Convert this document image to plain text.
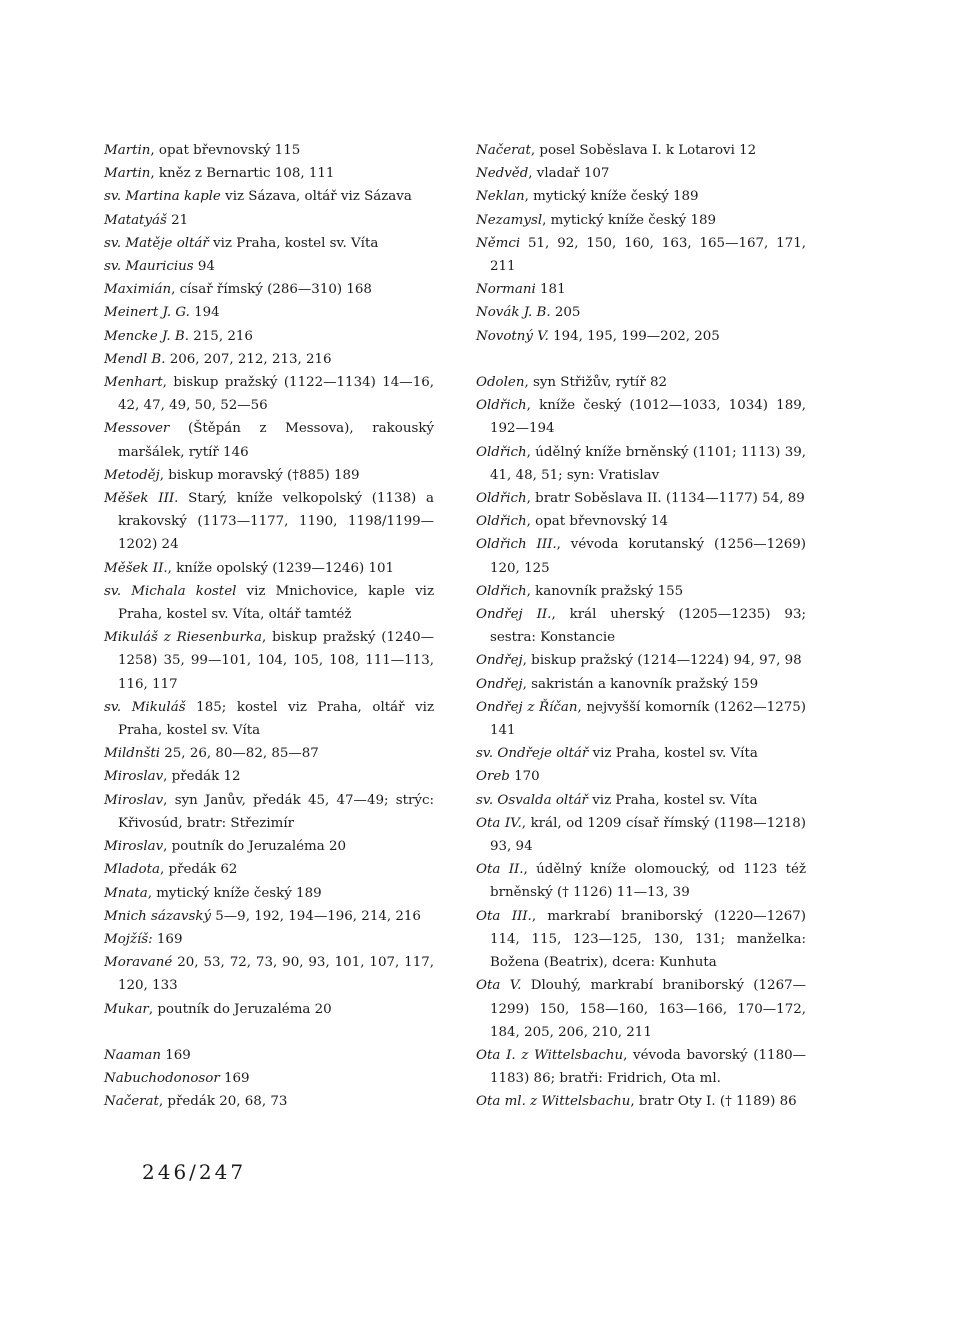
Martin, opat břevnovský 115
Martin, kněz z Bernartic 108, 111
sv. Martina kaple viz Sázava, oltář viz Sázava
Matatyáš 21
sv. Matěje oltář viz Praha, kostel sv. Víta
sv. Mauricius 94
Maximián, císař římský (286—310) 168
Meinert J. G. 194
Mencke J. B. 215, 216
Mendl B. 206, 207, 212, 213, 216
Menhart, biskup pražský (1122—1134) 14—16, 42, 47, 49, 50, 52—56
Messover (Štěpán z Messova), rakouský maršálek, rytíř 146
Metoděj, biskup moravský (†885) 189
Měšek III. Starý, kníže velkopolský (1138) a krakovský (1173—1177, 1190, 1198/1199—1202) 24
Měšek II., kníže opolský (1239—1246) 101
sv. Michala kostel viz Mnichovice, kaple viz Praha, kostel sv. Víta, oltář tamtéž
Mikuláš z Riesenburka, biskup pražský (1240—1258) 35, 99—101, 104, 105, 108, 111—113, 116, 117
sv. Mikuláš 185; kostel viz Praha, oltář viz Praha, kostel sv. Víta
Mildnšti 25, 26, 80—82, 85—87
Miroslav, předák 12
Miroslav, syn Janův, předák 45, 47—49; strýc: Křivosúd, bratr: Střezimír
Miroslav, poutník do Jeruzaléma 20
Mladota, předák 62
Mnata, mytický kníže český 189
Mnich sázavský 5—9, 192, 194—196, 214, 216
Mojžíš: 169
Moravané 20, 53, 72, 73, 90, 93, 101, 107, 117, 120, 133
Mukar, poutník do Jeruzaléma 20
Naaman 169
Nabuchodonosor 169
Načerat, předák 20, 68, 73
Načerat, posel Soběslava I. k Lotarovi 12
Nedvěd, vladař 107
Neklan, mytický kníže český 189
Nezamysl, mytický kníže český 189
Němci 51, 92, 150, 160, 163, 165—167, 171, 211
Normani 181
Novák J. B. 205
Novotný V. 194, 195, 199—202, 205
Odolen, syn Střižův, rytíř 82
Oldřich, kníže český (1012—1033, 1034) 189, 192—194
Oldřich, údělný kníže brněnský (1101; 1113) 39, 41, 48, 51; syn: Vratislav
Oldřich, bratr Soběslava II. (1134—1177) 54, 89
Oldřich, opat břevnovský 14
Oldřich III., vévoda korutanský (1256—1269) 120, 125
Oldřich, kanovník pražský 155
Ondřej II., král uherský (1205—1235) 93; sestra: Konstancie
Ondřej, biskup pražský (1214—1224) 94, 97, 98
Ondřej, sakristán a kanovník pražský 159
Ondřej z Říčan, nejvyšší komorník (1262—1275) 141
sv. Ondřeje oltář viz Praha, kostel sv. Víta
Oreb 170
sv. Osvalda oltář viz Praha, kostel sv. Víta
Ota IV., král, od 1209 císař římský (1198—1218) 93, 94
Ota II., údělný kníže olomoucký, od 1123 též brněnský († 1126) 11—13, 39
Ota III., markrabí braniborský (1220—1267) 114, 115, 123—125, 130, 131; manželka: Božena (Beatrix), dcera: Kunhuta
Ota V. Dlouhý, markrabí braniborský (1267—1299) 150, 158—160, 163—166, 170—172, 184, 205, 206, 210, 211
Ota I. z Wittelsbachu, vévoda bavorský (1180—1183) 86; bratři: Fridrich, Ota ml.
Ota ml. z Wittelsbachu, bratr Oty I. († 1189) 86
246/247
